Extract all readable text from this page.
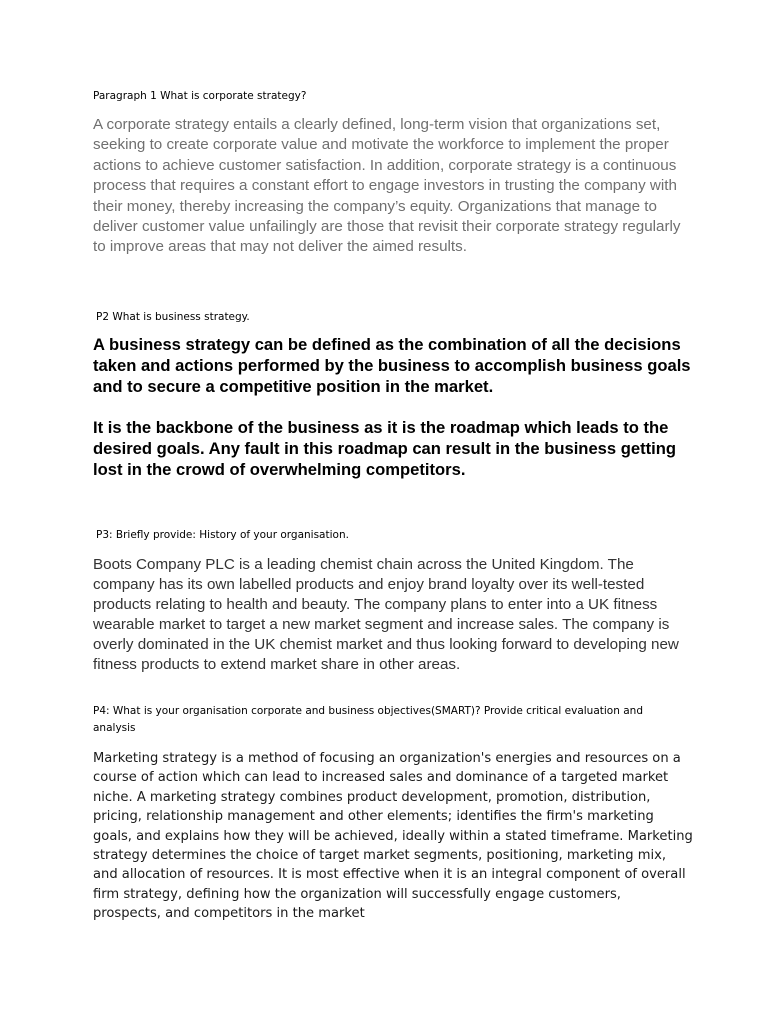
Paragraph 1 What is corporate strategy?

A corporate strategy entails a clearly defined, long-term vision that organizations set, seeking to create corporate value and motivate the workforce to implement the proper actions to achieve customer satisfaction. In addition, corporate strategy is a continuous process that requires a constant effort to engage investors in trusting the company with their money, thereby increasing the company’s equity. Organizations that manage to deliver customer value unfailingly are those that revisit their corporate strategy regularly to improve areas that may not deliver the aimed results.

P2 What is business strategy.

A business strategy can be defined as the combination of all the decisions taken and actions performed by the business to accomplish business goals and to secure a competitive position in the market.

It is the backbone of the business as it is the roadmap which leads to the desired goals. Any fault in this roadmap can result in the business getting lost in the crowd of overwhelming competitors.

P3: Briefly provide: History of your organisation.

Boots Company PLC is a leading chemist chain across the United Kingdom. The company has its own labelled products and enjoy brand loyalty over its well-tested products relating to health and beauty. The company plans to enter into a UK fitness wearable market to target a new market segment and increase sales. The company is overly dominated in the UK chemist market and thus looking forward to developing new fitness products to extend market share in other areas.

P4: What is your organisation corporate and business objectives(SMART)? Provide critical evaluation and analysis

Marketing strategy is a method of focusing an organization's energies and resources on a course of action which can lead to increased sales and dominance of a targeted market niche. A marketing strategy combines product development, promotion, distribution, pricing, relationship management and other elements; identifies the firm's marketing goals, and explains how they will be achieved, ideally within a stated timeframe. Marketing strategy determines the choice of target market segments, positioning, marketing mix, and allocation of resources. It is most effective when it is an integral component of overall firm strategy, defining how the organization will successfully engage customers, prospects, and competitors in the market
